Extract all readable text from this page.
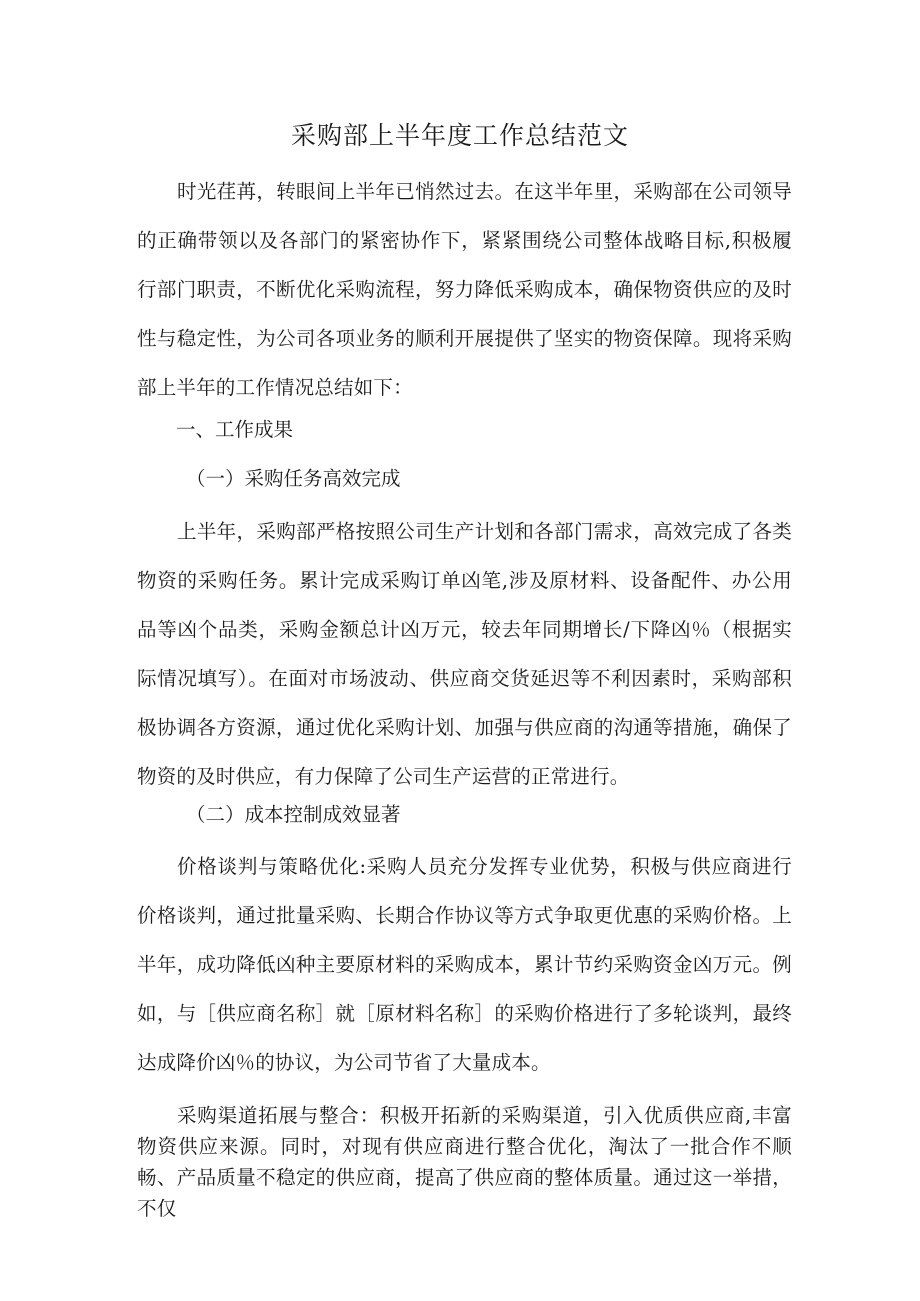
采购部上半年度工作总结范文

时光荏苒，转眼间上半年已悄然过去。在这半年里，采购部在公司领导的正确带领以及各部门的紧密协作下，紧紧围绕公司整体战略目标,积极履行部门职责，不断优化采购流程，努力降低采购成本，确保物资供应的及时性与稳定性，为公司各项业务的顺利开展提供了坚实的物资保障。现将采购部上半年的工作情况总结如下：

一、工作成果
（一）采购任务高效完成

上半年，采购部严格按照公司生产计划和各部门需求，高效完成了各类物资的采购任务。累计完成采购订单凶笔,涉及原材料、设备配件、办公用品等凶个品类，采购金额总计凶万元，较去年同期增长/下降凶％（根据实际情况填写）。在面对市场波动、供应商交货延迟等不利因素时，采购部积极协调各方资源，通过优化采购计划、加强与供应商的沟通等措施，确保了物资的及时供应，有力保障了公司生产运营的正常进行。

（二）成本控制成效显著

价格谈判与策略优化:采购人员充分发挥专业优势，积极与供应商进行价格谈判，通过批量采购、长期合作协议等方式争取更优惠的采购价格。上半年，成功降低凶种主要原材料的采购成本，累计节约采购资金凶万元。例如，与［供应商名称］就［原材料名称］的采购价格进行了多轮谈判，最终达成降价凶％的协议，为公司节省了大量成本。

采购渠道拓展与整合：积极开拓新的采购渠道，引入优质供应商,丰富物资供应来源。同时，对现有供应商进行整合优化，淘汰了一批合作不顺畅、产品质量不稳定的供应商，提高了供应商的整体质量。通过这一举措，不仅
